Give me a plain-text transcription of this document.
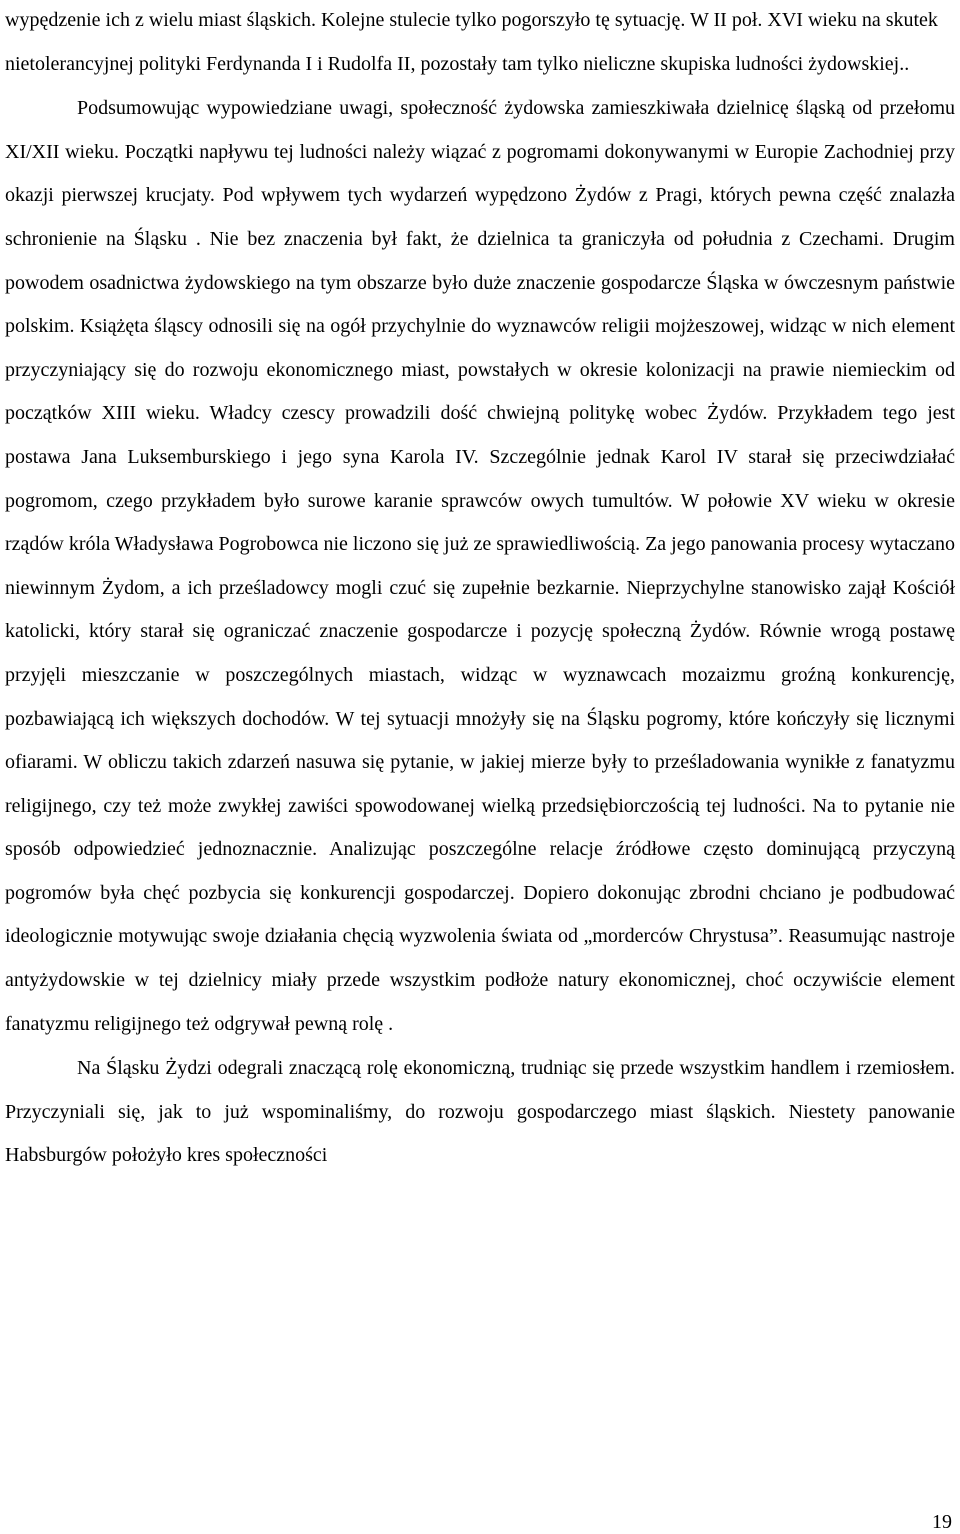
wypędzenie ich z wielu miast śląskich. Kolejne stulecie tylko pogorszyło tę sytuację. W II poł. XVI wieku na skutek nietolerancyjnej polityki Ferdynanda I i Rudolfa II, pozostały tam tylko nieliczne skupiska ludności żydowskiej..

Podsumowując wypowiedziane uwagi, społeczność żydowska zamieszkiwała dzielnicę śląską od przełomu XI/XII wieku. Początki napływu tej ludności należy wiązać z pogromami dokonywanymi w Europie Zachodniej przy okazji pierwszej krucjaty. Pod wpływem tych wydarzeń wypędzono Żydów z Pragi, których pewna część znalazła schronienie na Śląsku . Nie bez znaczenia był fakt, że dzielnica ta graniczyła od południa z Czechami. Drugim powodem osadnictwa żydowskiego na tym obszarze było duże znaczenie gospodarcze Śląska w ówczesnym państwie polskim. Książęta śląscy odnosili się na ogół przychylnie do wyznawców religii mojżeszowej, widząc w nich element przyczyniający się do rozwoju ekonomicznego miast, powstałych w okresie kolonizacji na prawie niemieckim od początków XIII wieku. Władcy czescy prowadzili dość chwiejną politykę wobec Żydów. Przykładem tego jest postawa Jana Luksemburskiego i jego syna Karola IV. Szczególnie jednak Karol IV starał się przeciwdziałać pogromom, czego przykładem było surowe karanie sprawców owych tumultów. W połowie XV wieku w okresie rządów króla Władysława Pogrobowca nie liczono się już ze sprawiedliwością. Za jego panowania procesy wytaczano niewinnym Żydom, a ich prześladowcy mogli czuć się zupełnie bezkarnie. Nieprzychylne stanowisko zajął Kościół katolicki, który starał się ograniczać znaczenie gospodarcze i pozycję społeczną Żydów. Równie wrogą postawę przyjęli mieszczanie w poszczególnych miastach, widząc w wyznawcach mozaizmu groźną konkurencję, pozbawiającą ich większych dochodów. W tej sytuacji mnożyły się na Śląsku pogromy, które kończyły się licznymi ofiarami. W obliczu takich zdarzeń nasuwa się pytanie, w jakiej mierze były to prześladowania wynikłe z fanatyzmu religijnego, czy też może zwykłej zawiści spowodowanej wielką przedsiębiorczością tej ludności. Na to pytanie nie sposób odpowiedzieć jednoznacznie. Analizując poszczególne relacje źródłowe często dominującą przyczyną pogromów była chęć pozbycia się konkurencji gospodarczej. Dopiero dokonując zbrodni chciano je podbudować ideologicznie motywując swoje działania chęcią wyzwolenia świata od „morderców Chrystusa”. Reasumując nastroje antyżydowskie w tej dzielnicy miały przede wszystkim podłoże natury ekonomicznej, choć oczywiście element fanatyzmu religijnego też odgrywał pewną rolę .

Na Śląsku Żydzi odegrali znaczącą rolę ekonomiczną, trudniąc się przede wszystkim handlem i rzemiosłem. Przyczyniali się, jak to już wspominaliśmy, do rozwoju gospodarczego miast śląskich. Niestety panowanie Habsburgów położyło kres społeczności

19
